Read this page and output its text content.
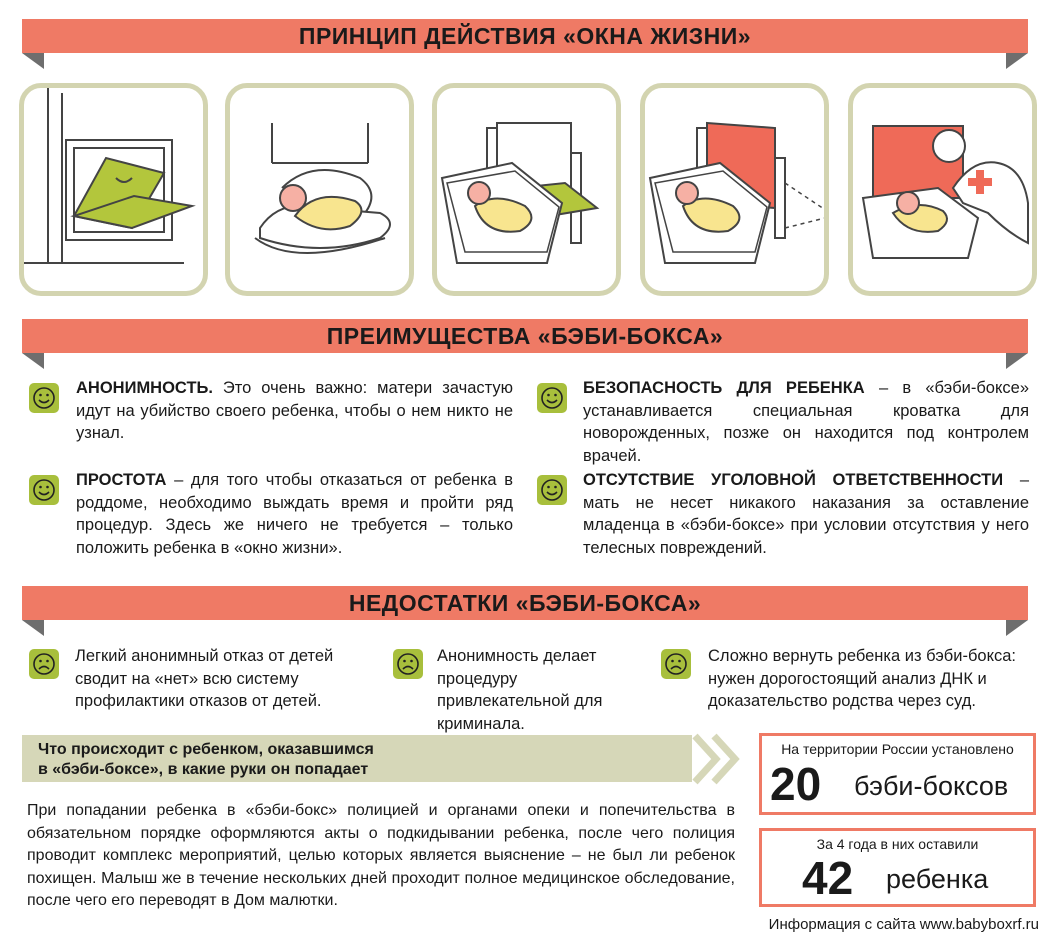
ПРИНЦИП ДЕЙСТВИЯ «ОКНА ЖИЗНИ»
ПРЕИМУЩЕСТВА «БЭБИ-БОКСА»
АНОНИМНОСТЬ. Это очень важно: матери зачастую идут на убийство своего ребенка, чтобы о нем никто не узнал.
БЕЗОПАСНОСТЬ ДЛЯ РЕБЕНКА – в «бэби-боксе» устанавливается специальная кроватка для новорожденных, позже он находится под контролем врачей.
ПРОСТОТА – для того чтобы отказаться от ребенка в роддоме, необходимо выждать время и пройти ряд процедур. Здесь же ничего не требуется – только положить ребенка в «окно жизни».
ОТСУТСТВИЕ УГОЛОВНОЙ ОТВЕТСТВЕННОСТИ – мать не несет никакого наказания за оставление младенца в «бэби-боксе» при условии отсутствия у него телесных повреждений.
НЕДОСТАТКИ «БЭБИ-БОКСА»
Легкий анонимный отказ от детей сводит на «нет» всю систему профилактики отказов от детей.
Анонимность делает процедуру привлекательной для криминала.
Сложно вернуть ребенка из бэби-бокса: нужен дорогостоящий анализ ДНК и доказательство родства через суд.
Что происходит с ребенком, оказавшимся
в «бэби-боксе», в какие руки он попадает
При попадании ребенка в «бэби-бокс» полицией и органами опеки и попечительства в обязательном порядке оформляются акты о подкидывании ребенка, после чего полиция проводит комплекс мероприятий, целью которых является выяснение – не был ли ребенок похищен. Малыш же в течение нескольких дней проходит полное медицинское обследование, после чего его переводят в Дом малютки.
На территории России установлено
20 бэби-боксов
За 4 года в них оставили
42 ребенка
Информация с сайта www.babyboxrf.ru
